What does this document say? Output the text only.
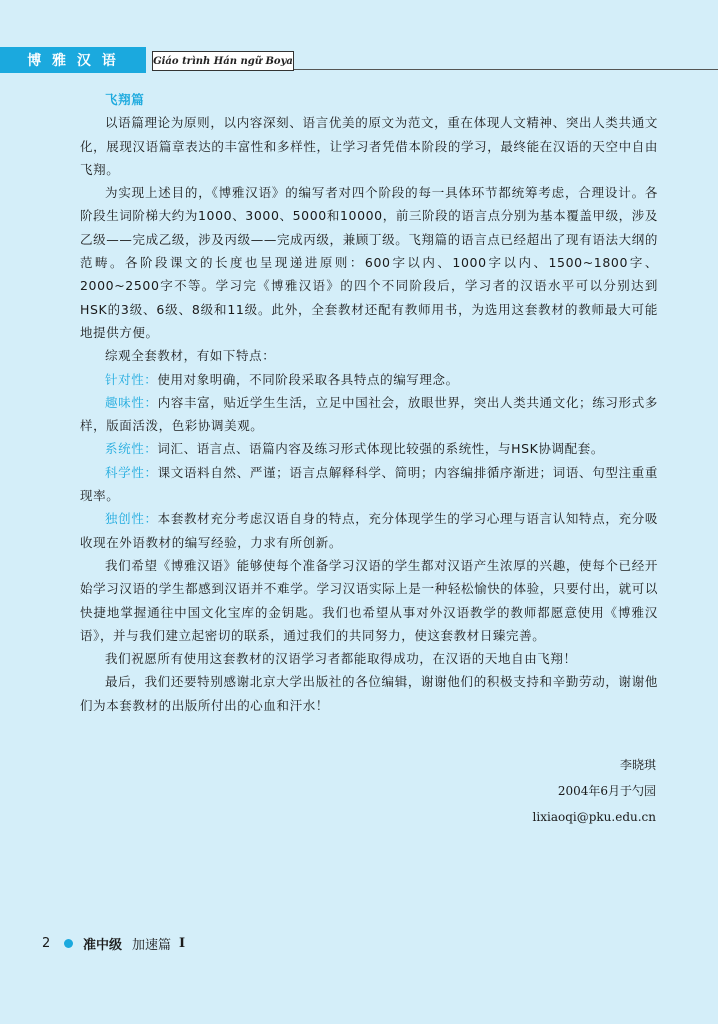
博 雅 汉 语	Giáo trình Hán ngữ Boya
飞翔篇

以语篇理论为原则，以内容深刻、语言优美的原文为范文，重在体现人文精神、突出人类共通文化，展现汉语篇章表达的丰富性和多样性，让学习者凭借本阶段的学习，最终能在汉语的天空中自由飞翔。

为实现上述目的，《博雅汉语》的编写者对四个阶段的每一具体环节都统筹考虑，合理设计。各阶段生词阶梯大约为1000、3000、5000和10000，前三阶段的语言点分别为基本覆盖甲级，涉及乙级——完成乙级，涉及丙级——完成丙级，兼顾丁级。飞翔篇的语言点已经超出了现有语法大纲的范畴。各阶段课文的长度也呈现递进原则：600字以内、1000字以内、1500~1800字、2000~2500字不等。学习完《博雅汉语》的四个不同阶段后，学习者的汉语水平可以分别达到HSK的3级、6级、8级和11级。此外，全套教材还配有教师用书，为选用这套教材的教师最大可能地提供方便。

综观全套教材，有如下特点：

针对性：使用对象明确，不同阶段采取各具特点的编写理念。

趣味性：内容丰富，贴近学生生活，立足中国社会，放眼世界，突出人类共通文化；练习形式多样，版面活泼，色彩协调美观。

系统性：词汇、语言点、语篇内容及练习形式体现比较强的系统性，与HSK协调配套。

科学性：课文语料自然、严谨；语言点解释科学、简明；内容编排循序渐进；词语、句型注重重现率。

独创性：本套教材充分考虑汉语自身的特点，充分体现学生的学习心理与语言认知特点，充分吸收现在外语教材的编写经验，力求有所创新。

我们希望《博雅汉语》能够使每个准备学习汉语的学生都对汉语产生浓厚的兴趣，使每个已经开始学习汉语的学生都感到汉语并不难学。学习汉语实际上是一种轻松愉快的体验，只要付出，就可以快捷地掌握通往中国文化宝库的金钥匙。我们也希望从事对外汉语教学的教师都愿意使用《博雅汉语》，并与我们建立起密切的联系，通过我们的共同努力，使这套教材日臻完善。

我们祝愿所有使用这套教材的汉语学习者都能取得成功，在汉语的天地自由飞翔！

最后，我们还要特别感谢北京大学出版社的各位编辑，谢谢他们的积极支持和辛勤劳动，谢谢他们为本套教材的出版所付出的心血和汗水！

李晓琪
2004年6月于勺园
lixiaoqi@pku.edu.cn
2	准中级 加速篇 I
